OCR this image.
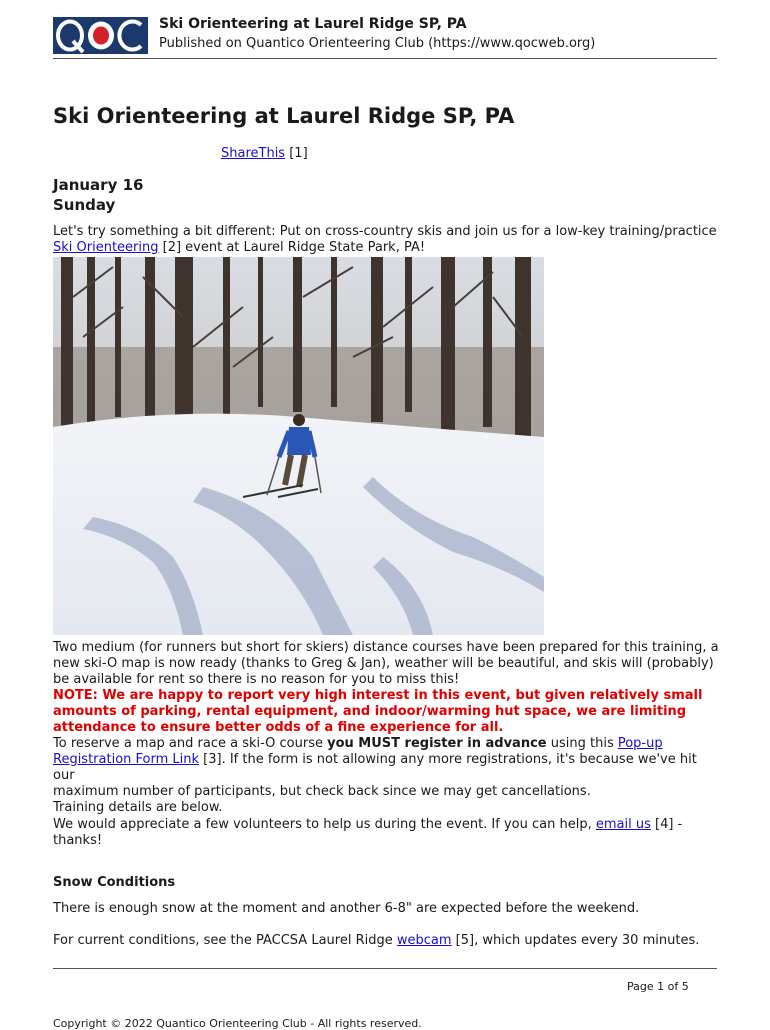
Ski Orienteering at Laurel Ridge SP, PA
Published on Quantico Orienteering Club (https://www.qocweb.org)
Ski Orienteering at Laurel Ridge SP, PA
ShareThis [1]
January 16
Sunday

Let's try something a bit different: Put on cross-country skis and join us for a low-key training/practice Ski Orienteering [2] event at Laurel Ridge State Park, PA!

Two medium (for runners but short for skiers) distance courses have been prepared for this training, a
new ski-O map is now ready (thanks to Greg & Jan), weather will be beautiful, and skis will (probably)
be available for rent so there is no reason for you to miss this!
NOTE: We are happy to report very high interest in this event, but given relatively small
amounts of parking, rental equipment, and indoor/warming hut space, we are limiting
attendance to ensure better odds of a fine experience for all.
To reserve a map and race a ski-O course you MUST register in advance using this Pop-up
Registration Form Link [3]. If the form is not allowing any more registrations, it's because we've hit our
maximum number of participants, but check back since we may get cancellations.
Training details are below.

We would appreciate a few volunteers to help us during the event. If you can help, email us [4] -
thanks!

Snow Conditions

There is enough snow at the moment and another 6-8" are expected before the weekend.

For current conditions, see the PACCSA Laurel Ridge webcam [5], which updates every 30 minutes.

Page 1 of 5
Copyright © 2022 Quantico Orienteering Club - All rights reserved.
